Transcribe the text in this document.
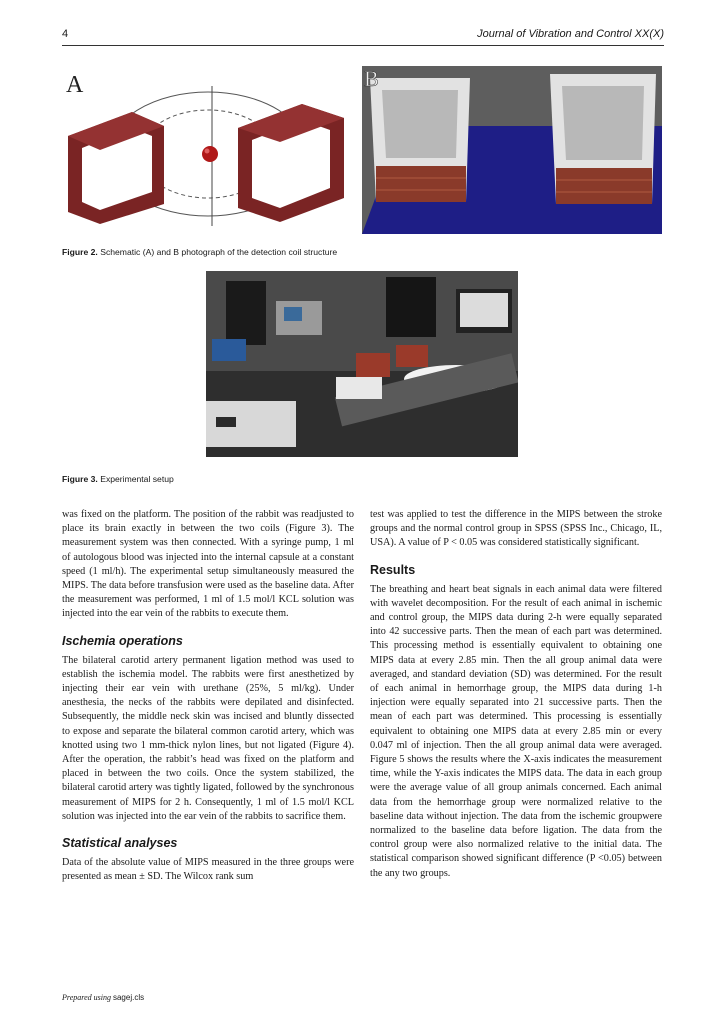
4	Journal of Vibration and Control XX(X)
A	B
Figure 2. Schematic (A) and B photograph of the detection coil structure
Figure 3. Experimental setup

was fixed on the platform. The position of the rabbit was readjusted to place its brain exactly in between the two coils (Figure 3). The measurement system was then connected. With a syringe pump, 1 ml of autologous blood was injected into the internal capsule at a constant speed (1 ml/h). The experimental setup simultaneously measured the MIPS. The data before transfusion were used as the baseline data. After the measurement was performed, 1 ml of 1.5 mol/l KCL solution was injected into the ear vein of the rabbits to execute them.

Ischemia operations

The bilateral carotid artery permanent ligation method was used to establish the ischemia model. The rabbits were first anesthetized by injecting their ear vein with urethane (25%, 5 ml/kg). Under anesthesia, the necks of the rabbits were depilated and disinfected. Subsequently, the middle neck skin was incised and bluntly dissected to expose and separate the bilateral common carotid artery, which was knotted using two 1 mm-thick nylon lines, but not ligated (Figure 4). After the operation, the rabbit’s head was fixed on the platform and placed in between the two coils. Once the system stabilized, the bilateral carotid artery was tightly ligated, followed by the synchronous measurement of MIPS for 2 h. Consequently, 1 ml of 1.5 mol/l KCL solution was injected into the ear vein of the rabbits to sacrifice them.

Statistical analyses

Data of the absolute value of MIPS measured in the three groups were presented as mean ± SD. The Wilcox rank sum

test was applied to test the difference in the MIPS between the stroke groups and the normal control group in SPSS (SPSS Inc., Chicago, IL, USA). A value of P < 0.05 was considered statistically significant.

Results

The breathing and heart beat signals in each animal data were filtered with wavelet decomposition. For the result of each animal in ischemic and control group, the MIPS data during 2-h were equally separated into 42 successive parts. Then the mean of each part was determined. This processing method is essentially equivalent to obtaining one MIPS data at every 2.85 min. Then the all group animal data were averaged, and standard deviation (SD) was determined. For the result of each animal in hemorrhage group, the MIPS data during 1-h injection were equally separated into 21 successive parts. Then the mean of each part was determined. This processing is essentially equivalent to obtaining one MIPS data at every 2.85 min or every 0.047 ml of injection. Then the all group animal data were averaged. Figure 5 shows the results where the X-axis indicates the measurement time, while the Y-axis indicates the MIPS data. The data in each group were the average value of all group animals concerned. Each animal data from the hemorrhage group were normalized relative to the baseline data without injection. The data from the ischemic groupwere normalized to the baseline data before ligation. The data from the control group were also normalized relative to the initial data. The statistical comparison showed significant difference (P <0.05) between the any two groups.

Prepared using sagej.cls
